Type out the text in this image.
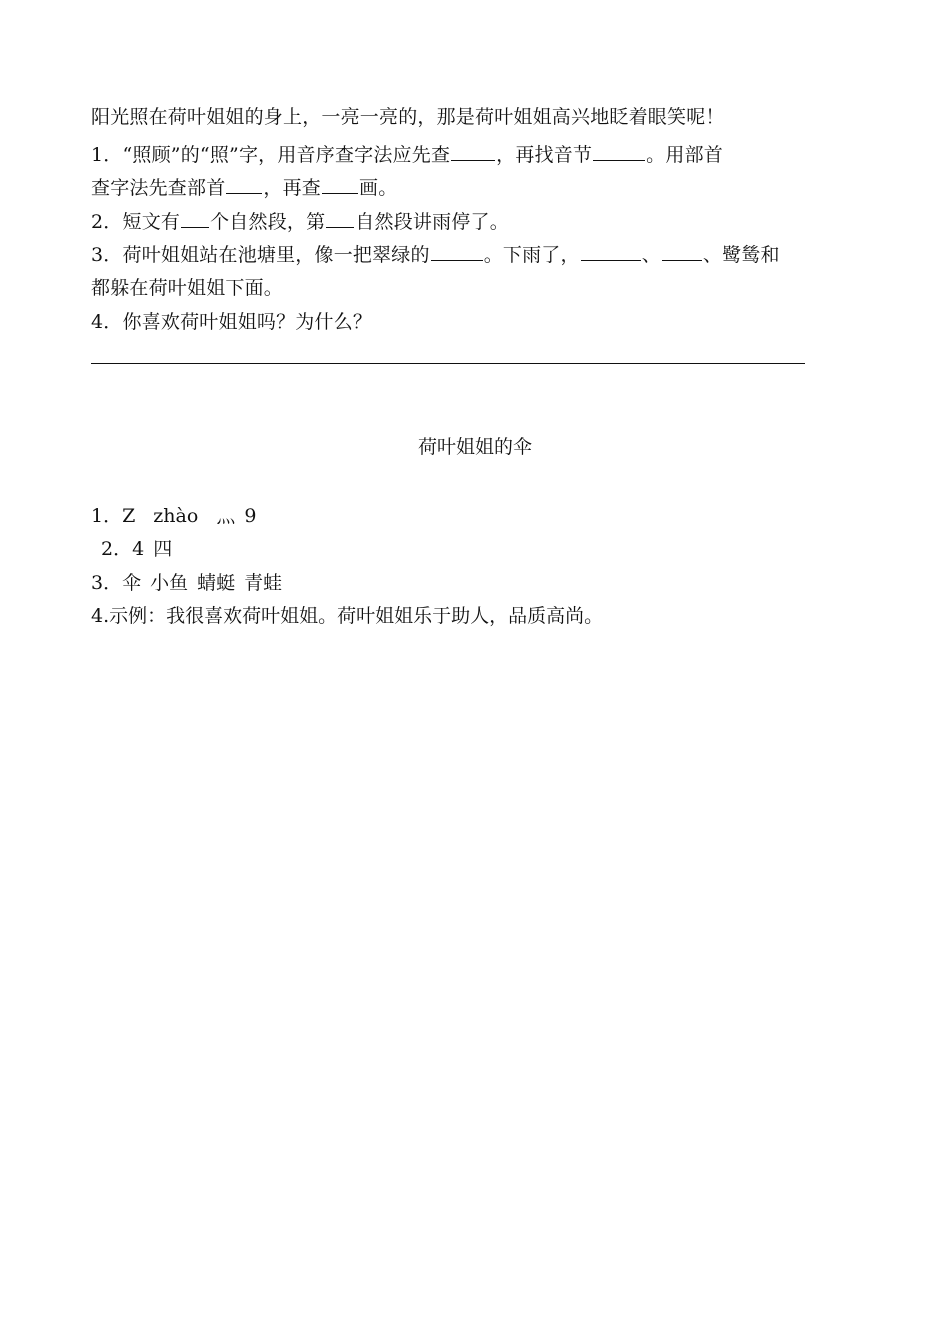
阳光照在荷叶姐姐的身上，一亮一亮的，那是荷叶姐姐高兴地眨着眼笑呢！
1．“照顾”的“照”字，用音序查字法应先查 ，再找音节	。用部首
查字法先查部首 ，再查 画。
2．短文有 个自然段，第 自然段讲雨停了。
3．荷叶姐姐站在池塘里，像一把翠绿的	。下雨了，	、 、鹭鸶和
都躲在荷叶姐姐下面。
4．你喜欢荷叶姐姐吗？为什么？
荷叶姐姐的伞
1．Z zhào 灬 9
2．4 四
3．伞 小鱼 蜻蜓 青蛙
4.示例：我很喜欢荷叶姐姐。荷叶姐姐乐于助人，品质高尚。
